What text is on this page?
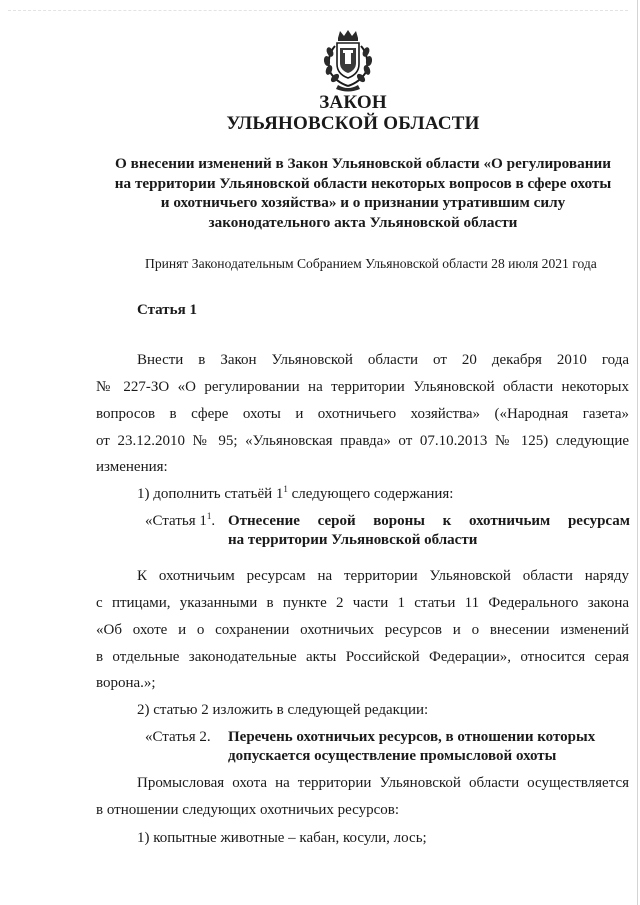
ЗАКОН
УЛЬЯНОВСКОЙ ОБЛАСТИ
О внесении изменений в Закон Ульяновской области «О регулировании
на территории Ульяновской области некоторых вопросов в сфере охоты
и охотничьего хозяйства» и о признании утратившим силу
законодательного акта Ульяновской области
Принят Законодательным Собранием Ульяновской области 28 июля 2021 года
Статья 1
Внести в Закон Ульяновской области от 20 декабря 2010 года
№ 227-ЗО «О регулировании на территории Ульяновской области некоторых
вопросов в сфере охоты и охотничьего хозяйства» («Народная газета»
от 23.12.2010 № 95; «Ульяновская правда» от 07.10.2013 № 125) следующие
изменения:
1) дополнить статьёй $1^1$ следующего содержания:
«Статья $1^1$. Отнесение серой вороны к охотничьим ресурсам
на территории Ульяновской области
К охотничьим ресурсам на территории Ульяновской области наряду
с птицами, указанными в пункте 2 части 1 статьи 11 Федерального закона
«Об охоте и о сохранении охотничьих ресурсов и о внесении изменений
в отдельные законодательные акты Российской Федерации», относится серая
ворона.»;
2) статью 2 изложить в следующей редакции:
«Статья 2. Перечень охотничьих ресурсов, в отношении которых
допускается осуществление промысловой охоты
Промысловая охота на территории Ульяновской области осуществляется
в отношении следующих охотничьих ресурсов:
1) копытные животные – кабан, косули, лось;
